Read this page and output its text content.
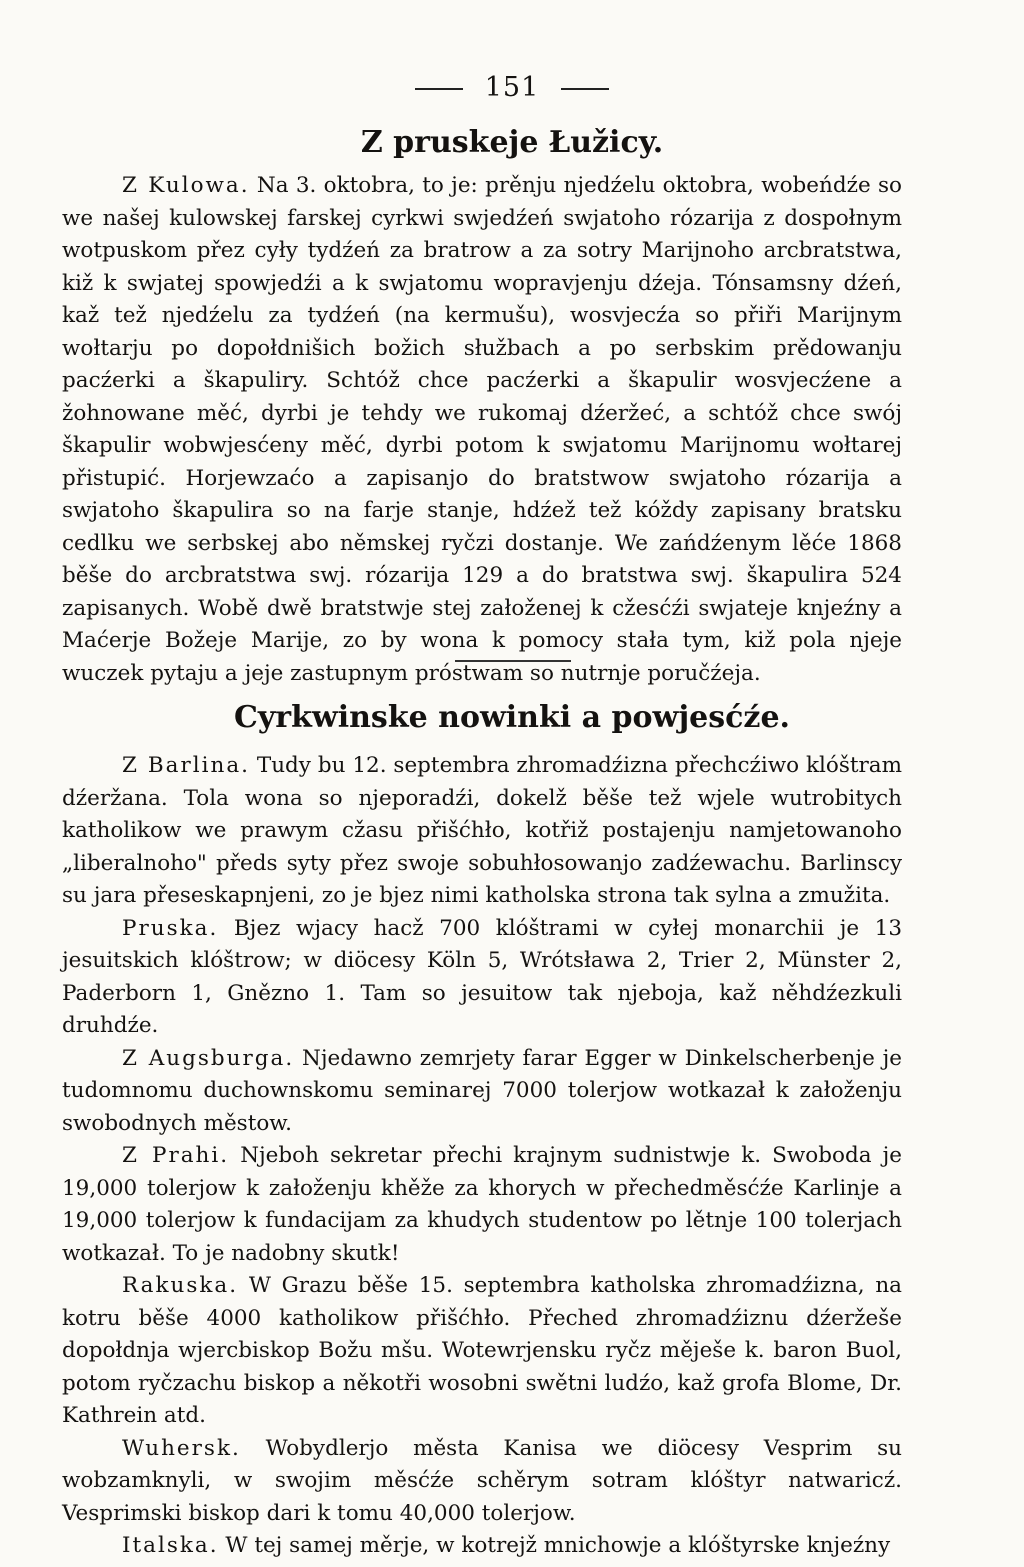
151
Z pruskeje Łužicy.

Z Kulowa. Na 3. oktobra, to je: prěnju njedźelu oktobra, wobeńdźe so we našej kulowskej farskej cyrkwi swjedźeń swjatoho rózarija z dospołnym wotpuskom přez cyły tydźeń za bratrow a za sotry Marijnoho arcbratstwa, kiž k swjatej spowjedźi a k swjatomu wopravjenju dźeja. Tónsamsny dźeń, kaž tež njedźelu za tydźeń (na kermušu), wosvjecźa so přiři Marijnym wołtarju po dopołdnišich božich słužbach a po serbskim prědowanju pacźerki a škapuliry. Schtóž chce pacźerki a škapulir wosvjecźene a žohnowane měć, dyrbi je tehdy we rukomaj dźeržeć, a schtóž chce swój škapulir wobwjesćeny měć, dyrbi potom k swjatomu Marijnomu wołtarej přistupić. Horjewzaćo a zapisanjo do bratstwow swjatoho rózarija a swjatoho škapulira so na farje stanje, hdźež tež kóždy zapisany bratsku cedlku we serbskej abo němskej ryčzi dostanje. We zańdźenym lěće 1868 běše do arcbratstwa swj. rózarija 129 a do bratstwa swj. škapulira 524 zapisanych. Wobě dwě bratstwje stej załoženej k cžesćźi swjateje knjeźny a Maćerje Božeje Marije, zo by wona k pomocy stała tym, kiž pola njeje wuczek pytaju a jeje zastupnym próstwam so nutrnje poručźeja.

Cyrkwinske nowinki a powjesćźe.

Z Barlina. Tudy bu 12. septembra zhromadźizna přechcźiwo klóštram dźeržana. Tola wona so njeporadźi, dokelž běše tež wjele wutrobitych katholikow we prawym cžasu přišćhło, kotřiž postajenju namjetowanoho „liberalnoho" předs syty přez swoje sobuhłosowanjo zadźewachu. Barlinscy su jara přeseskapnjeni, zo je bjez nimi katholska strona tak sylna a zmužita.

Pruska. Bjez wjacy hacž 700 klóštrami w cyłej monarchii je 13 jesuitskich klóštrow; w diöcesy Köln 5, Wrótsława 2, Trier 2, Münster 2, Paderborn 1, Gnězno 1. Tam so jesuitow tak njeboja, kaž něhdźezkuli druhdźe.

Z Augsburga. Njedawno zemrjety farar Egger w Dinkelscherbenje je tudomnomu duchownskomu seminarej 7000 tolerjow wotkazał k załoženju swobodnych městow.

Z Prahi. Njeboh sekretar přechi krajnym sudnistwje k. Swoboda je 19,000 tolerjow k załoženju khěže za khorych w přechedměsćźe Karlinje a 19,000 tolerjow k fundacijam za khudych studentow po lětnje 100 tolerjach wotkazał. To je nadobny skutk!

Rakuska. W Grazu běše 15. septembra katholska zhromadźizna, na kotru běše 4000 katholikow přišćhło. Přeched zhromadźiznu dźeržeše dopołdnja wjercbiskop Božu mšu. Wotewrjensku ryčz měješe k. baron Buol, potom ryčzachu biskop a někotři wosobni swětni ludźo, kaž grofa Blome, Dr. Kathrein atd.

Wuhersk. Wobydlerjo města Kanisa we diöcesy Vesprim su wobzamknyli, w swojim měsćźe schěrym sotram klóštyr natwaricź. Vesprimski biskop dari k tomu 40,000 tolerjow.

Italska. W tej samej měrje, w kotrejž mnichowje a klóštyrske knjeźny
